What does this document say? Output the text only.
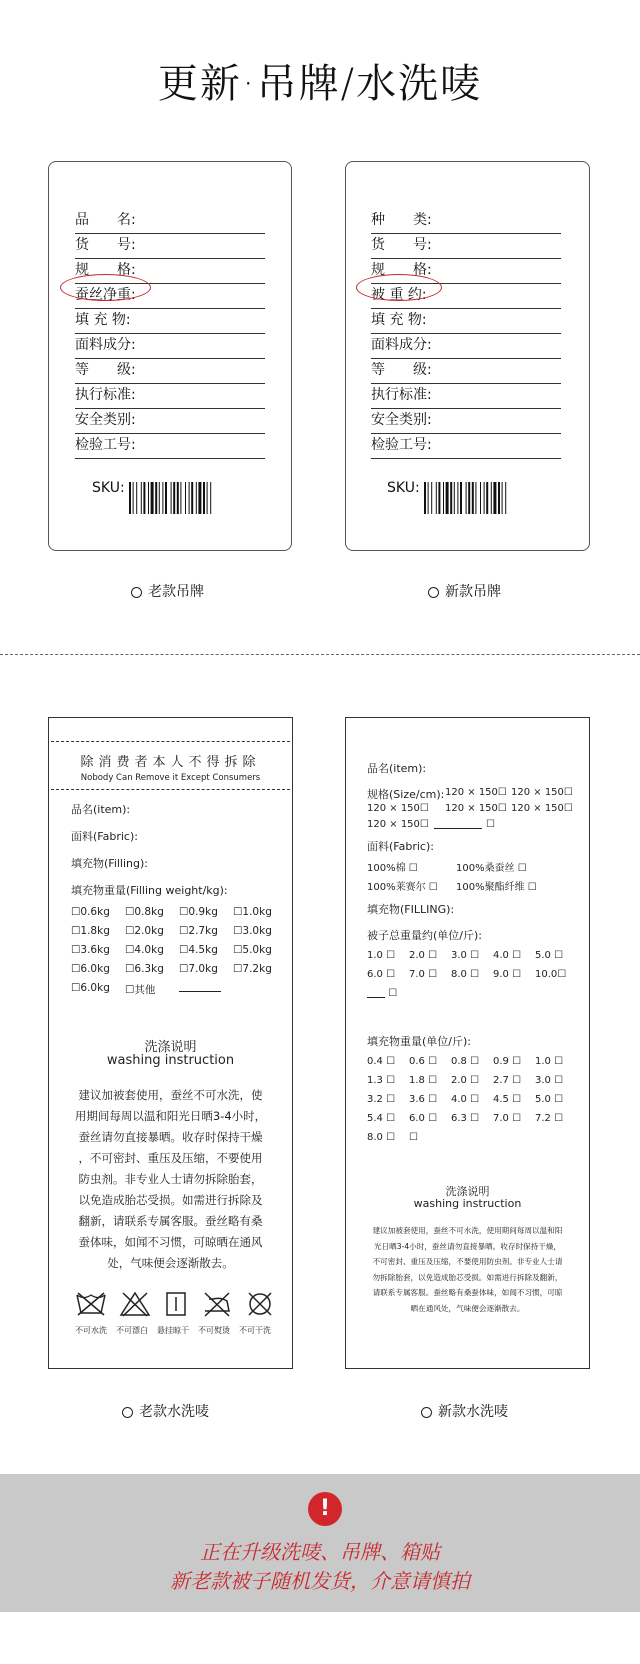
更新·吊牌/水洗唛
品　　名:
货　　号:
规　　格:
蚕丝净重:
填 充 物:
面料成分:
等　　级:
执行标准:
安全类别:
检验工号:
SKU:
老款吊牌
种　　类:
货　　号:
规　　格:
被 重 约:
填 充 物:
面料成分:
等　　级:
执行标准:
安全类别:
检验工号:
SKU:
新款吊牌
除消费者本人不得拆除
Nobody Can Remove it Except Consumers
品名(item):
面料(Fabric):
填充物(Filling):
填充物重量(Filling weight/kg):
☐0.6kg	☐0.8kg	☐0.9kg	☐1.0kg
☐1.8kg	☐2.0kg	☐2.7kg	☐3.0kg
☐3.6kg	☐4.0kg	☐4.5kg	☐5.0kg
☐6.0kg	☐6.3kg	☐7.0kg	☐7.2kg
☐6.0kg	☐其他
洗涤说明
washing instruction
建议加被套使用，蚕丝不可水洗，使
用期间每周以温和阳光日晒3-4小时，
蚕丝请勿直接暴晒。收存时保持干燥
，不可密封、重压及压缩，不要使用
防虫剂。非专业人士请勿拆除胎套，
以免造成胎芯受损。如需进行拆除及
翻新，请联系专属客服。蚕丝略有桑
蚕体味，如闻不习惯，可晾晒在通风
处，气味便会逐渐散去。
不可水洗	不可漂白	悬挂晾干	不可熨烫	不可干洗
老款水洗唛
品名(item):
规格(Size/cm): 120 × 150☐ 120 × 150☐
120 × 150☐ 120 × 150☐ 120 × 150☐
120 × 150☐	☐
面料(Fabric):
100%棉 ☐	100%桑蚕丝 ☐
100%莱赛尔 ☐ 100%聚酯纤维 ☐
填充物(FILLING):
被子总重量约(单位/斤):
1.0 ☐	2.0 ☐	3.0 ☐	4.0 ☐	5.0 ☐
6.0 ☐	7.0 ☐	8.0 ☐	9.0 ☐	10.0☐
☐
填充物重量(单位/斤):
0.4 ☐	0.6 ☐	0.8 ☐	0.9 ☐	1.0 ☐
1.3 ☐	1.8 ☐	2.0 ☐	2.7 ☐	3.0 ☐
3.2 ☐	3.6 ☐	4.0 ☐	4.5 ☐	5.0 ☐
5.4 ☐	6.0 ☐	6.3 ☐	7.0 ☐	7.2 ☐
8.0 ☐	☐
洗涤说明
washing instruction
建议加被套使用，蚕丝不可水洗，使用期间每周以温和阳
光日晒3-4小时，蚕丝请勿直接暴晒。收存时保持干燥，
不可密封、重压及压缩，不要使用防虫剂。非专业人士请
勿拆除胎套，以免造成胎芯受损。如需进行拆除及翻新，
请联系专属客服。蚕丝略有桑蚕体味，如闻不习惯，可晾
晒在通风处，气味便会逐渐散去。
新款水洗唛
!
正在升级洗唛、吊牌、箱贴
新老款被子随机发货，介意请慎拍
